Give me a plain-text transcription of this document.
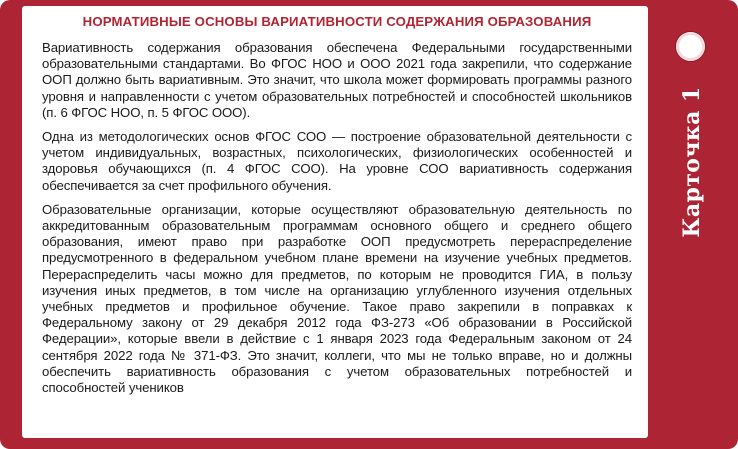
НОРМАТИВНЫЕ ОСНОВЫ ВАРИАТИВНОСТИ СОДЕРЖАНИЯ ОБРАЗОВАНИЯ

Вариативность содержания образования обеспечена Федеральными государственными образовательными стандартами. Во ФГОС НОО и ООО 2021 года закрепили, что содержание ООП должно быть вариативным. Это значит, что школа может формировать программы разного уровня и направленности с учетом образовательных потребностей и способностей школьников (п. 6 ФГОС НОО, п. 5 ФГОС ООО).

Одна из методологических основ ФГОС СОО — построение образовательной деятельности с учетом индивидуальных, возрастных, психологических, физиологических особенностей и здоровья обучающихся (п. 4 ФГОС СОО). На уровне СОО вариативность содержания обеспечивается за счет профильного обучения.

Образовательные организации, которые осуществляют образовательную деятельность по аккредитованным образовательным программам основного общего и среднего общего образования, имеют право при разработке ООП предусмотреть перераспределение предусмотренного в федеральном учебном плане времени на изучение учебных предметов. Перераспределить часы можно для предметов, по которым не проводится ГИА, в пользу изучения иных предметов, в том числе на организацию углубленного изучения отдельных учебных предметов и профильное обучение. Такое право закрепили в поправках к Федеральному закону от 29 декабря 2012 года ФЗ-273 «Об образовании в Российской Федерации», которые ввели в действие с 1 января 2023 года Федеральным законом от 24 сентября 2022 года № 371-ФЗ. Это значит, коллеги, что мы не только вправе, но и должны обеспечить вариативность образования с учетом образовательных потребностей и способностей учеников

Карточка 1
